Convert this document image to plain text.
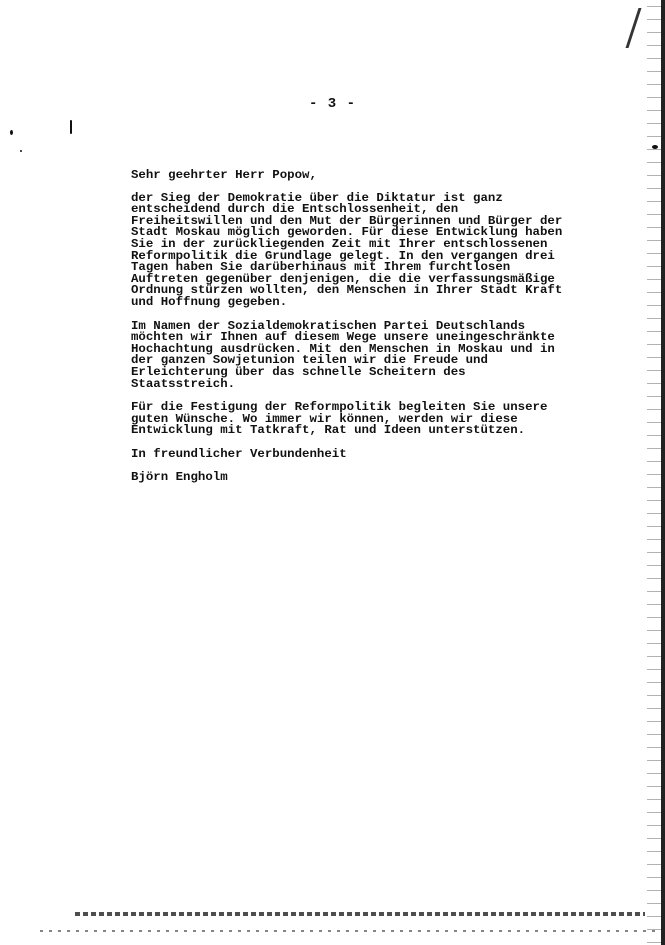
- 3 -
Sehr geehrter Herr Popow,
der Sieg der Demokratie über die Diktatur ist ganz
entscheidend durch die Entschlossenheit, den
Freiheitswillen und den Mut der Bürgerinnen und Bürger der
Stadt Moskau möglich geworden. Für diese Entwicklung haben
Sie in der zurückliegenden Zeit mit Ihrer entschlossenen
Reformpolitik die Grundlage gelegt. In den vergangen drei
Tagen haben Sie darüberhinaus mit Ihrem furchtlosen
Auftreten gegenüber denjenigen, die die verfassungsmäßige
Ordnung stürzen wollten, den Menschen in Ihrer Stadt Kraft
und Hoffnung gegeben.
Im Namen der Sozialdemokratischen Partei Deutschlands
möchten wir Ihnen auf diesem Wege unsere uneingeschränkte
Hochachtung ausdrücken. Mit den Menschen in Moskau und in
der ganzen Sowjetunion teilen wir die Freude und
Erleichterung über das schnelle Scheitern des
Staatsstreich.
Für die Festigung der Reformpolitik begleiten Sie unsere
guten Wünsche. Wo immer wir können, werden wir diese
Entwicklung mit Tatkraft, Rat und Ideen unterstützen.
In freundlicher Verbundenheit
Björn Engholm
